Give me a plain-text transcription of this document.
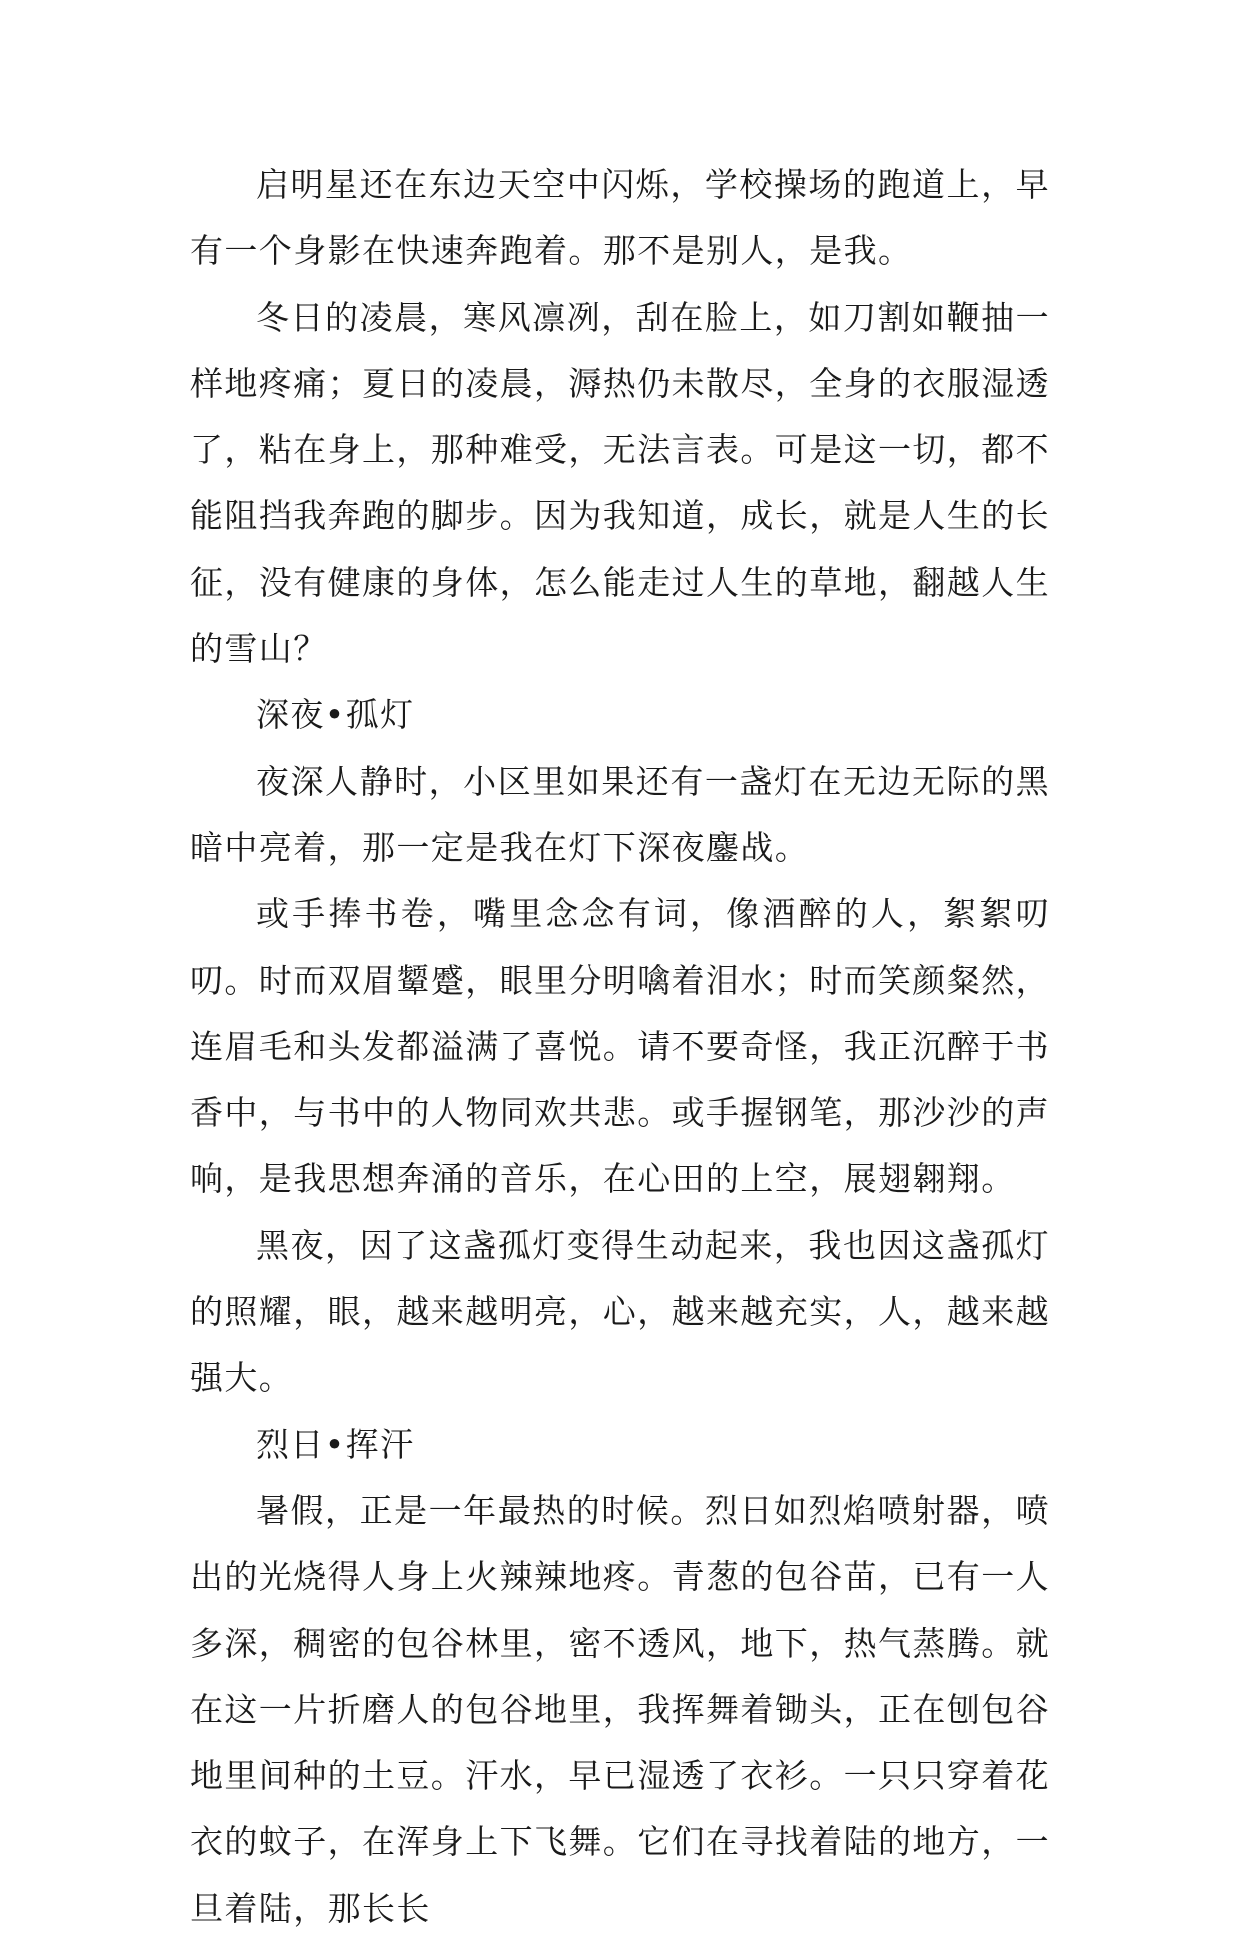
启明星还在东边天空中闪烁，学校操场的跑道上，早有一个身影在快速奔跑着。那不是别人，是我。

冬日的凌晨，寒风凛冽，刮在脸上，如刀割如鞭抽一样地疼痛；夏日的凌晨，溽热仍未散尽，全身的衣服湿透了，粘在身上，那种难受，无法言表。可是这一切，都不能阻挡我奔跑的脚步。因为我知道，成长，就是人生的长征，没有健康的身体，怎么能走过人生的草地，翻越人生的雪山？

深夜•孤灯

夜深人静时，小区里如果还有一盏灯在无边无际的黑暗中亮着，那一定是我在灯下深夜鏖战。

或手捧书卷，嘴里念念有词，像酒醉的人，絮絮叨叨。时而双眉颦蹙，眼里分明噙着泪水；时而笑颜粲然，连眉毛和头发都溢满了喜悦。请不要奇怪，我正沉醉于书香中，与书中的人物同欢共悲。或手握钢笔，那沙沙的声响，是我思想奔涌的音乐，在心田的上空，展翅翱翔。

黑夜，因了这盏孤灯变得生动起来，我也因这盏孤灯的照耀，眼，越来越明亮，心，越来越充实，人，越来越强大。

烈日•挥汗

暑假，正是一年最热的时候。烈日如烈焰喷射器，喷出的光烧得人身上火辣辣地疼。青葱的包谷苗，已有一人多深，稠密的包谷林里，密不透风，地下，热气蒸腾。就在这一片折磨人的包谷地里，我挥舞着锄头，正在刨包谷地里间种的土豆。汗水，早已湿透了衣衫。一只只穿着花衣的蚊子，在浑身上下飞舞。它们在寻找着陆的地方，一旦着陆，那长长
